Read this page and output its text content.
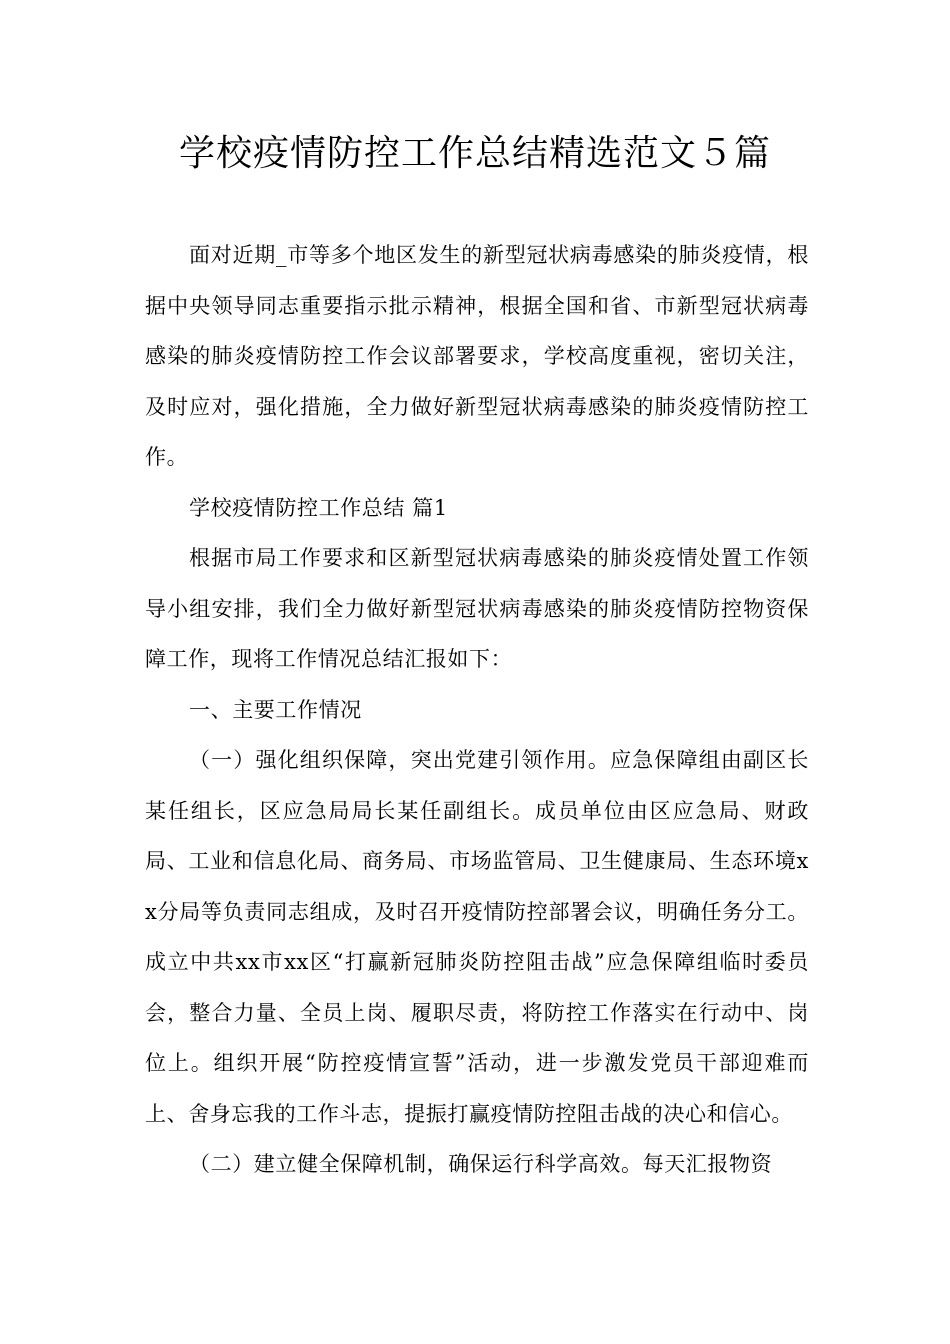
学校疫情防控工作总结精选范文５篇

面对近期_市等多个地区发生的新型冠状病毒感染的肺炎疫情，根据中央领导同志重要指示批示精神，根据全国和省、市新型冠状病毒感染的肺炎疫情防控工作会议部署要求，学校高度重视，密切关注，及时应对，强化措施，全力做好新型冠状病毒感染的肺炎疫情防控工作。

学校疫情防控工作总结 篇1

根据市局工作要求和区新型冠状病毒感染的肺炎疫情处置工作领导小组安排，我们全力做好新型冠状病毒感染的肺炎疫情防控物资保障工作，现将工作情况总结汇报如下：

一、主要工作情况

（一）强化组织保障，突出党建引领作用。应急保障组由副区长某任组长，区应急局局长某任副组长。成员单位由区应急局、财政局、工业和信息化局、商务局、市场监管局、卫生健康局、生态环境xx分局等负责同志组成，及时召开疫情防控部署会议，明确任务分工。成立中共xx市xx区“打赢新冠肺炎防控阻击战”应急保障组临时委员会，整合力量、全员上岗、履职尽责，将防控工作落实在行动中、岗位上。组织开展“防控疫情宣誓”活动，进一步激发党员干部迎难而上、舍身忘我的工作斗志，提振打赢疫情防控阻击战的决心和信心。

（二）建立健全保障机制，确保运行科学高效。每天汇报物资
